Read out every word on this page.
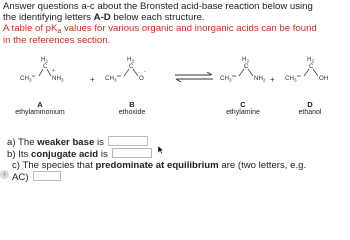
Answer questions a-c about the Bronsted acid-base reaction below using
the identifying letters A-D below each structure.
A table of $pK_a$ values for various organic and inorganic acids can be found
in the references section.
$CH_3$
$H_2$
C
+
$NH_3$
A
ethylammonium
+ $CH_3$
$H_2$
C
O
-
B
ethoxide
⇌ $CH_3$
$H_2$
C
$NH_2$
C
ethylamine
+ $CH_3$
$H_2$
C
OH
D
ethanol
a) The weaker base is
b) Its conjugate acid is
›
c) The species that predominate at equilibrium are (two letters, e.g.
AC)
